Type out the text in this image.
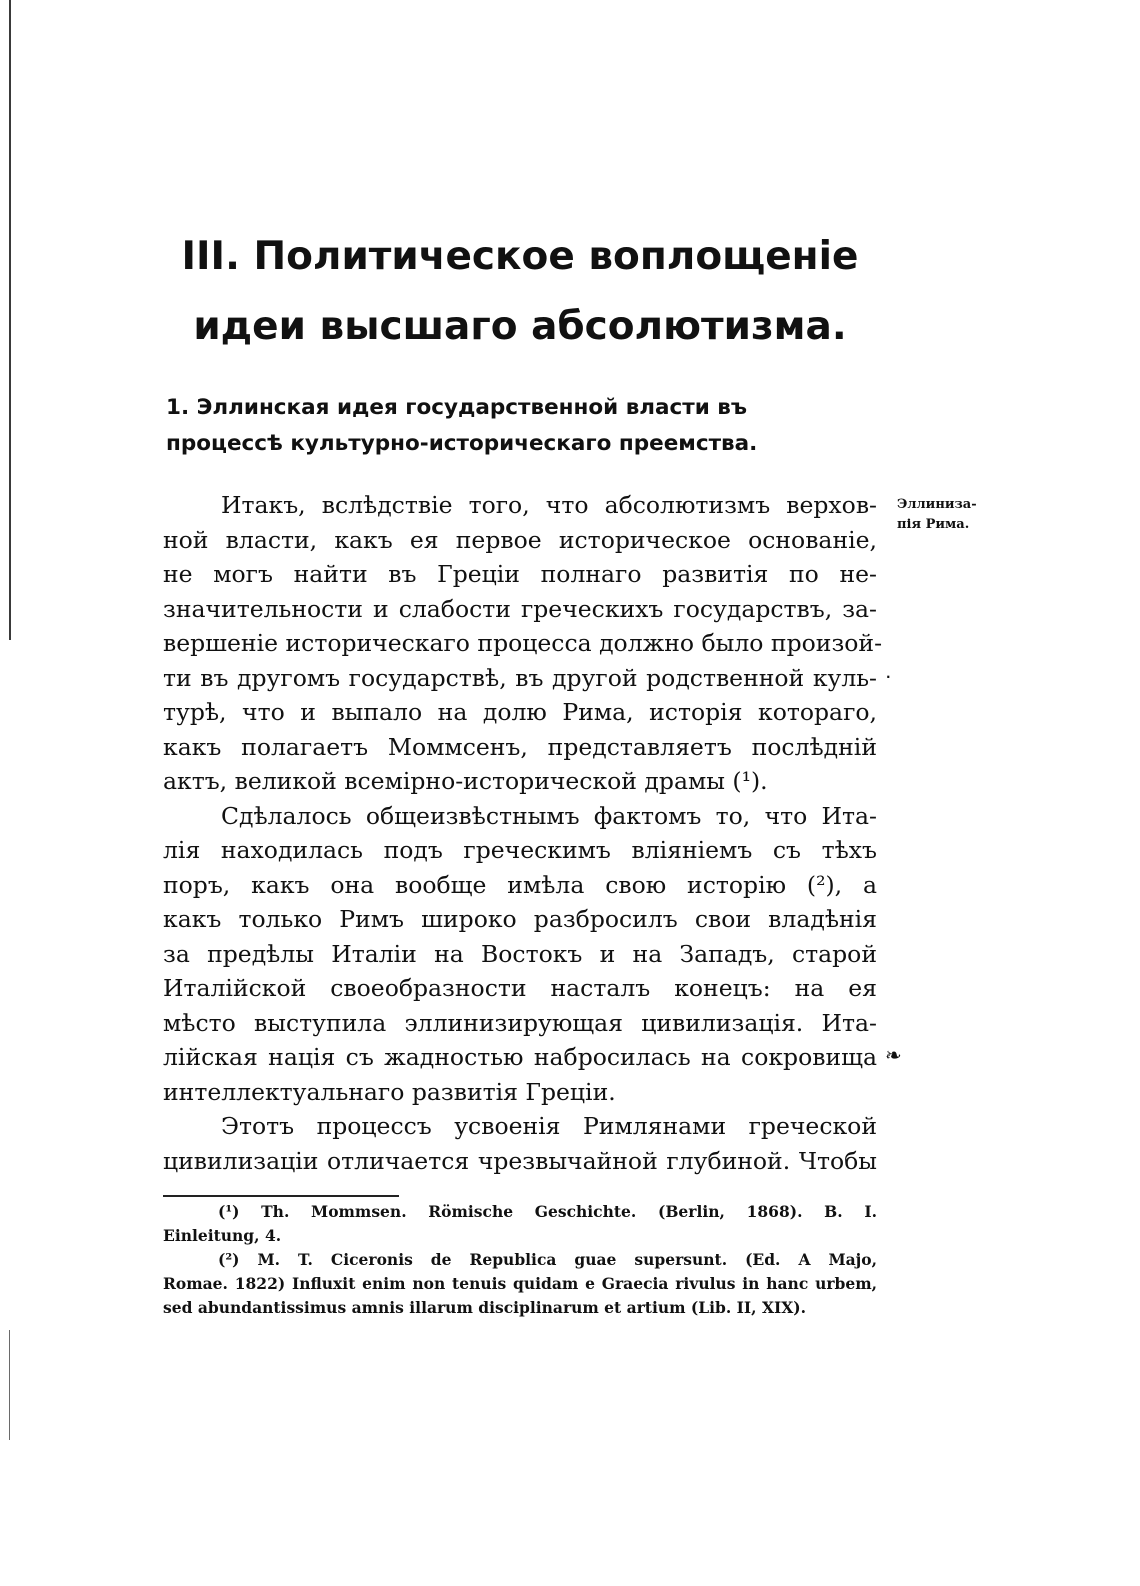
III. Политическое воплощеніе
идеи высшаго абсолютизма.
1. Эллинская идея государственной власти въ
процессѣ культурно-историческаго преемства.
Эллиниза-
пія Рима.
Итакъ, вслѣдствіе того, что абсолютизмъ верхов-
ной власти, какъ ея первое историческое основаніе,
не могъ найти въ Греціи полнаго развитія по не-
значительности и слабости греческихъ государствъ, за-
вершеніе историческаго процесса должно было произой-
ти въ другомъ государствѣ, въ другой родственной куль-
турѣ, что и выпало на долю Рима, исторія котораго,
какъ полагаетъ Моммсенъ, представляетъ послѣдній
актъ, великой всеміpно-исторической драмы (¹).
Сдѣлалось общеизвѣстнымъ фактомъ то, что Ита-
лія находилась подъ греческимъ вліяніемъ съ тѣхъ
поръ, какъ она вообще имѣла свою исторію (²), а
какъ только Римъ широко разбросилъ свои владѣнія
за предѣлы Италіи на Востокъ и на Западъ, старой
Италійской своеобразности насталъ конецъ: на ея
мѣсто выступила эллинизирующая цивилизація. Ита-
лійская нація съ жадностью набросилась на сокровища
интеллектуальнаго развитія Греціи.
Этотъ процессъ усвоенія Римлянами греческой
цивилизаціи отличается чрезвычайной глубиной. Чтобы
❧
·
(¹) Th. Mommsen. Römische Geschichte. (Berlin, 1868). B. I.
Einleitung, 4.
(²) M. T. Ciceronis de Republica guae supersunt. (Ed. A Majo,
Romae. 1822) Influxit enim non tenuis quidam e Graecia rivulus in hanc urbem,
sed abundantissimus amnis illarum disciplinarum et artium (Lib. II, XIX).
